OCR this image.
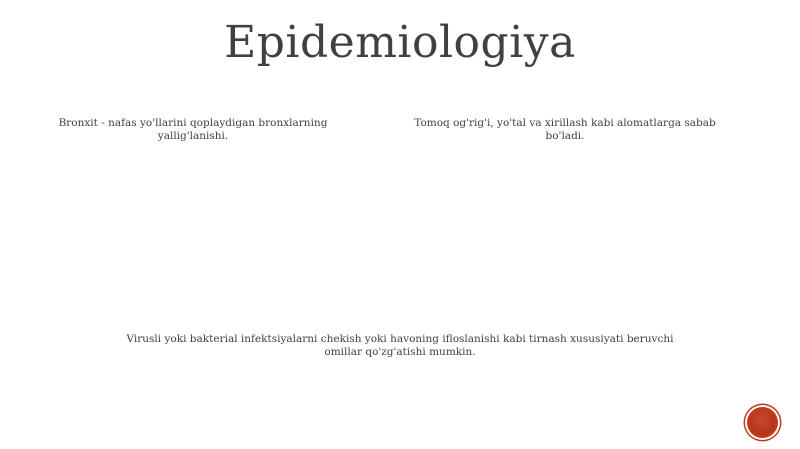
Epidemiologiya
Bronxit - nafas yo'llarini qoplaydigan bronxlarning yallig'lanishi.
Tomoq og'rig'i, yo'tal va xirillash kabi alomatlarga sabab bo'ladi.
Virusli yoki bakterial infektsiyalarni chekish yoki havoning ifloslanishi kabi tirnash xususiyati beruvchi omillar qo'zg'atishi mumkin.
